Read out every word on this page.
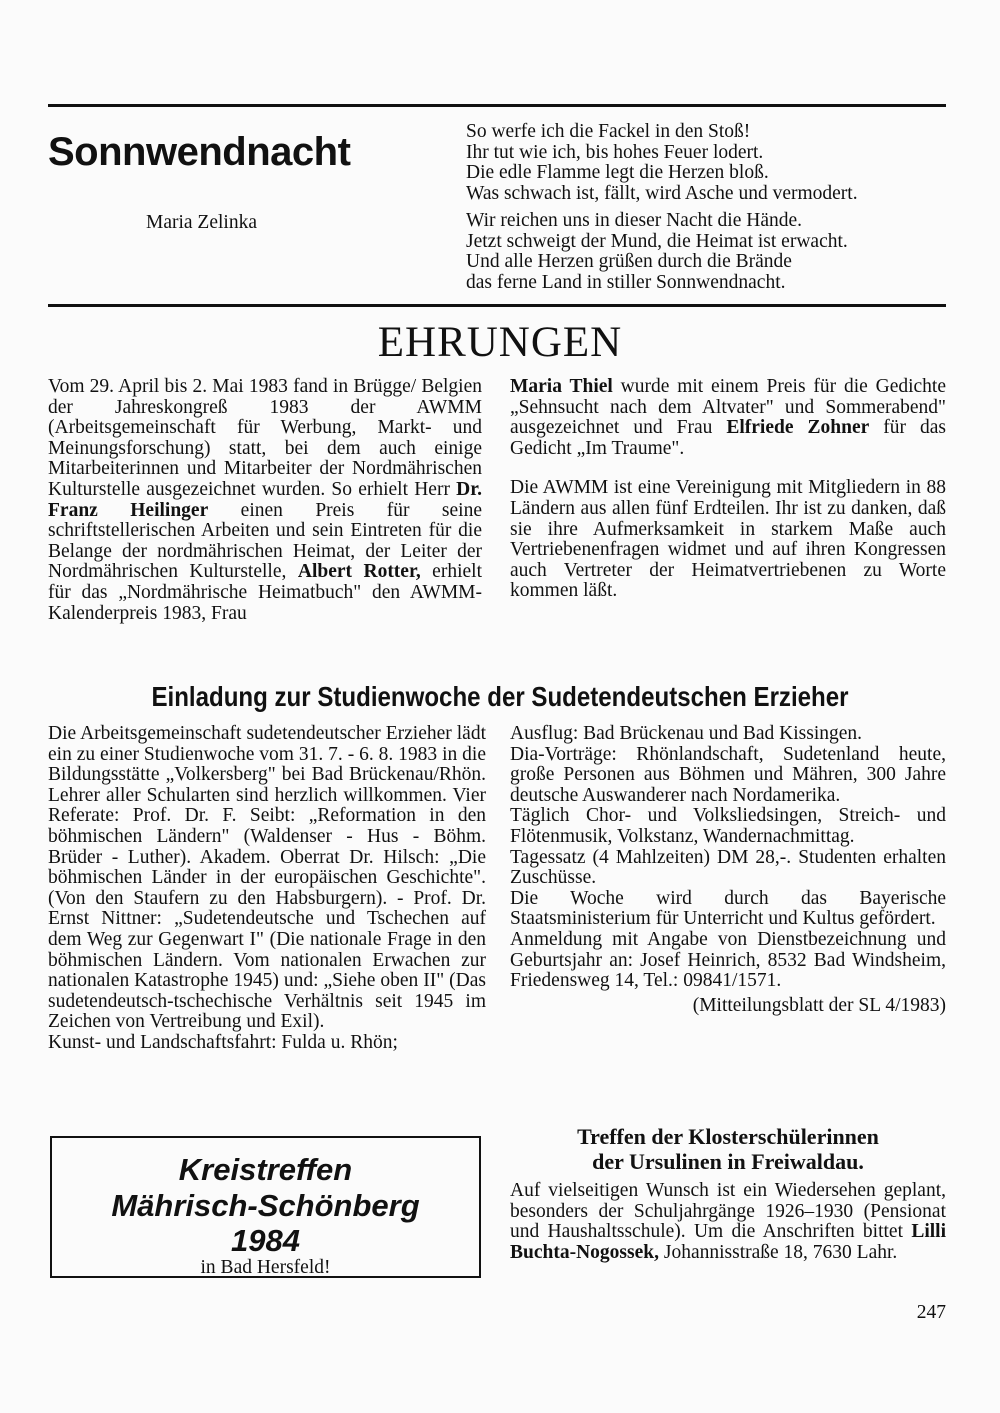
Sonnwendnacht
Maria Zelinka

So werfe ich die Fackel in den Stoß!

Ihr tut wie ich, bis hohes Feuer lodert.

Die edle Flamme legt die Herzen bloß.

Was schwach ist, fällt, wird Asche und vermodert.

Wir reichen uns in dieser Nacht die Hände.

Jetzt schweigt der Mund, die Heimat ist erwacht.

Und alle Herzen grüßen durch die Brände

das ferne Land in stiller Sonnwendnacht.

EHRUNGEN

Vom 29. April bis 2. Mai 1983 fand in Brügge/ Belgien der Jahreskongreß 1983 der AWMM (Arbeitsgemeinschaft für Werbung, Markt- und Meinungsforschung) statt, bei dem auch einige Mitarbeiterinnen und Mitarbeiter der Nordmährischen Kulturstelle ausgezeichnet wurden. So erhielt Herr Dr. Franz Heilinger einen Preis für seine schriftstellerischen Arbeiten und sein Eintreten für die Belange der nordmährischen Heimat, der Leiter der Nordmährischen Kulturstelle, Albert Rotter, erhielt für das „Nordmährische Heimatbuch" den AWMM-Kalenderpreis 1983, Frau

Maria Thiel wurde mit einem Preis für die Gedichte „Sehnsucht nach dem Altvater" und Sommerabend" ausgezeichnet und Frau Elfriede Zohner für das Gedicht „Im Traume".

Die AWMM ist eine Vereinigung mit Mitgliedern in 88 Ländern aus allen fünf Erdteilen. Ihr ist zu danken, daß sie ihre Aufmerksamkeit in starkem Maße auch Vertriebenenfragen widmet und auf ihren Kongressen auch Vertreter der Heimatvertriebenen zu Worte kommen läßt.

Einladung zur Studienwoche der Sudetendeutschen Erzieher

Die Arbeitsgemeinschaft sudetendeutscher Erzieher lädt ein zu einer Studienwoche vom 31. 7. - 6. 8. 1983 in die Bildungsstätte „Volkersberg" bei Bad Brückenau/Rhön. Lehrer aller Schularten sind herzlich willkommen. Vier Referate: Prof. Dr. F. Seibt: „Reformation in den böhmischen Ländern" (Waldenser - Hus - Böhm. Brüder - Luther). Akadem. Oberrat Dr. Hilsch: „Die böhmischen Länder in der europäischen Geschichte". (Von den Staufern zu den Habsburgern). - Prof. Dr. Ernst Nittner: „Sudetendeutsche und Tschechen auf dem Weg zur Gegenwart I" (Die nationale Frage in den böhmischen Ländern. Vom nationalen Erwachen zur nationalen Katastrophe 1945) und: „Siehe oben II" (Das sudetendeutsch-tschechische Verhältnis seit 1945 im Zeichen von Vertreibung und Exil).

Kunst- und Landschaftsfahrt: Fulda u. Rhön;

Ausflug: Bad Brückenau und Bad Kissingen.

Dia-Vorträge: Rhönlandschaft, Sudetenland heute, große Personen aus Böhmen und Mähren, 300 Jahre deutsche Auswanderer nach Nordamerika.

Täglich Chor- und Volksliedsingen, Streich- und Flötenmusik, Volkstanz, Wandernachmittag.

Tagessatz (4 Mahlzeiten) DM 28,-. Studenten erhalten Zuschüsse.

Die Woche wird durch das Bayerische Staatsministerium für Unterricht und Kultus gefördert.

Anmeldung mit Angabe von Dienstbezeichnung und Geburtsjahr an: Josef Heinrich, 8532 Bad Windsheim, Friedensweg 14, Tel.: 09841/1571.

(Mitteilungsblatt der SL 4/1983)

Kreistreffen
Mährisch-Schönberg
1984
in Bad Hersfeld!
Treffen der Klosterschülerinnen
der Ursulinen in Freiwaldau.

Auf vielseitigen Wunsch ist ein Wiedersehen geplant, besonders der Schuljahrgänge 1926–1930 (Pensionat und Haushaltsschule). Um die Anschriften bittet Lilli Buchta-Nogossek, Johannisstraße 18, 7630 Lahr.

247
